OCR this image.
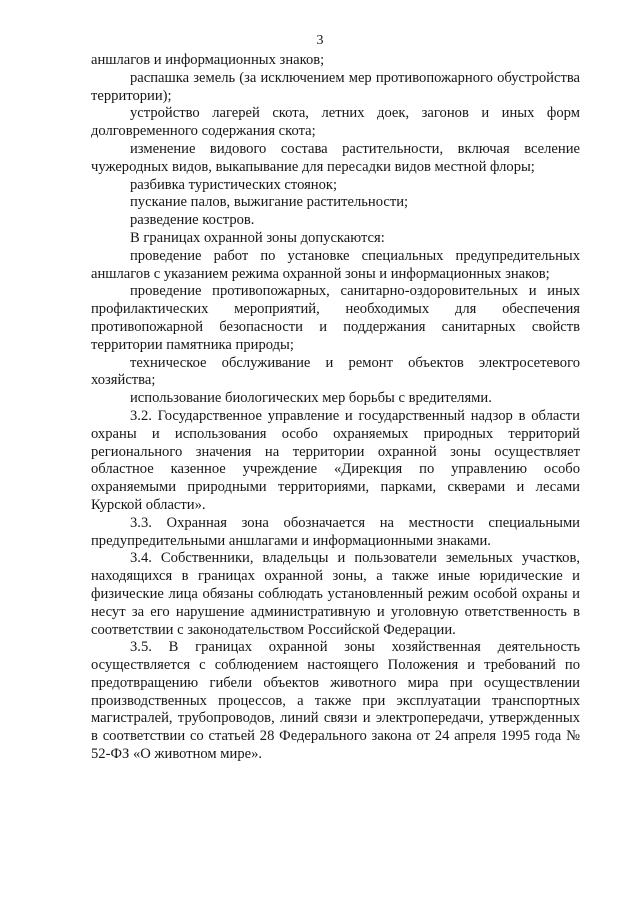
3

аншлагов и информационных знаков;

распашка земель (за исключением мер противопожарного обустройства территории);

устройство лагерей скота, летних доек, загонов и иных форм долговременного содержания скота;

изменение видового состава растительности, включая вселение чужеродных видов, выкапывание для пересадки видов местной флоры;

разбивка туристических стоянок;

пускание палов, выжигание растительности;

разведение костров.

В границах охранной зоны допускаются:

проведение работ по установке специальных предупредительных аншлагов с указанием режима охранной зоны и информационных знаков;

проведение противопожарных, санитарно-оздоровительных и иных профилактических мероприятий, необходимых для обеспечения противопожарной безопасности и поддержания санитарных свойств территории памятника природы;

техническое обслуживание и ремонт объектов электросетевого хозяйства;

использование биологических мер борьбы с вредителями.

3.2. Государственное управление и государственный надзор в области охраны и использования особо охраняемых природных территорий регионального значения на территории охранной зоны осуществляет областное казенное учреждение «Дирекция по управлению особо охраняемыми природными территориями, парками, скверами и лесами Курской области».

3.3. Охранная зона обозначается на местности специальными предупредительными аншлагами и информационными знаками.

3.4. Собственники, владельцы и пользователи земельных участков, находящихся в границах охранной зоны, а также иные юридические и физические лица обязаны соблюдать установленный режим особой охраны и несут за его нарушение административную и уголовную ответственность в соответствии с законодательством Российской Федерации.

3.5. В границах охранной зоны хозяйственная деятельность осуществляется с соблюдением настоящего Положения и требований по предотвращению гибели объектов животного мира при осуществлении производственных процессов, а также при эксплуатации транспортных магистралей, трубопроводов, линий связи и электропередачи, утвержденных в соответствии со статьей 28 Федерального закона от 24 апреля 1995 года № 52-ФЗ «О животном мире».
